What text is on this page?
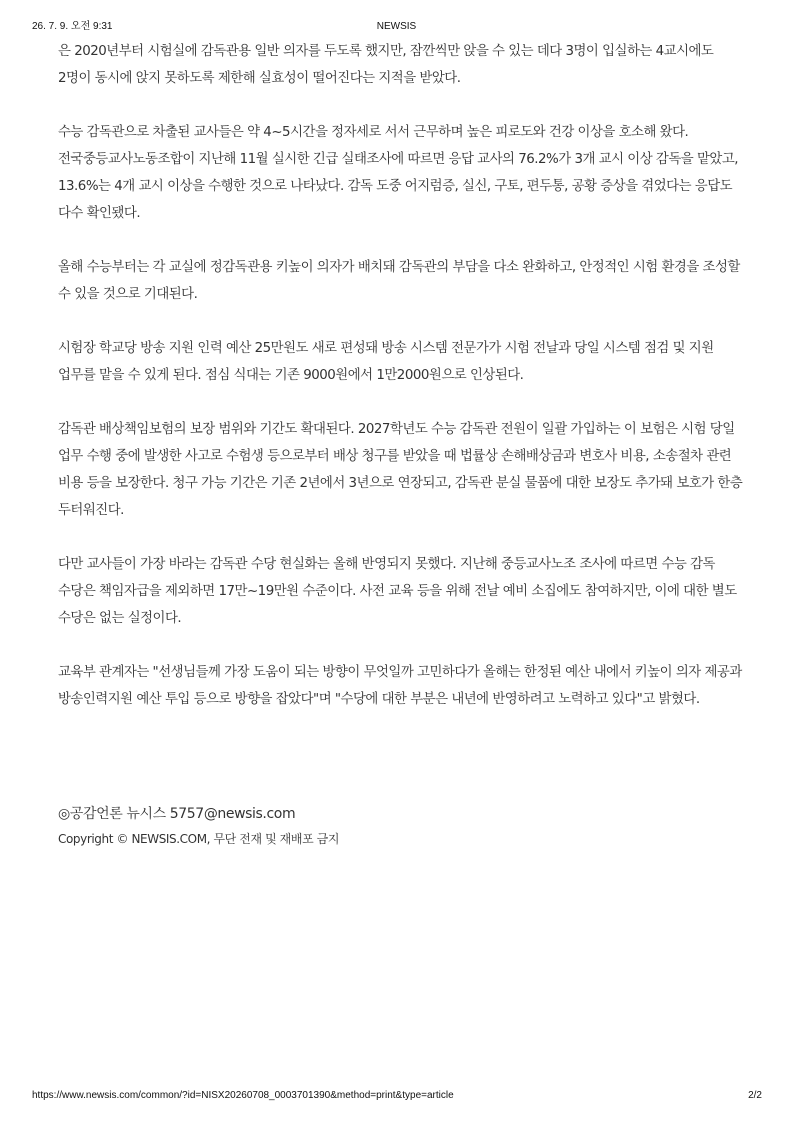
26. 7. 9. 오전 9:31	NEWSIS

은 2020년부터 시험실에 감독관용 일반 의자를 두도록 했지만, 잠깐씩만 앉을 수 있는 데다 3명이 입실하는 4교시에도 2명이 동시에 앉지 못하도록 제한해 실효성이 떨어진다는 지적을 받았다.

수능 감독관으로 차출된 교사들은 약 4~5시간을 정자세로 서서 근무하며 높은 피로도와 건강 이상을 호소해 왔다. 전국중등교사노동조합이 지난해 11월 실시한 긴급 실태조사에 따르면 응답 교사의 76.2%가 3개 교시 이상 감독을 맡았고, 13.6%는 4개 교시 이상을 수행한 것으로 나타났다. 감독 도중 어지럼증, 실신, 구토, 편두통, 공황 증상을 겪었다는 응답도 다수 확인됐다.

올해 수능부터는 각 교실에 정감독관용 키높이 의자가 배치돼 감독관의 부담을 다소 완화하고, 안정적인 시험 환경을 조성할 수 있을 것으로 기대된다.

시험장 학교당 방송 지원 인력 예산 25만원도 새로 편성돼 방송 시스템 전문가가 시험 전날과 당일 시스템 점검 및 지원 업무를 맡을 수 있게 된다. 점심 식대는 기존 9000원에서 1만2000원으로 인상된다.

감독관 배상책임보험의 보장 범위와 기간도 확대된다. 2027학년도 수능 감독관 전원이 일괄 가입하는 이 보험은 시험 당일 업무 수행 중에 발생한 사고로 수험생 등으로부터 배상 청구를 받았을 때 법률상 손해배상금과 변호사 비용, 소송절차 관련 비용 등을 보장한다. 청구 가능 기간은 기존 2년에서 3년으로 연장되고, 감독관 분실 물품에 대한 보장도 추가돼 보호가 한층 두터워진다.

다만 교사들이 가장 바라는 감독관 수당 현실화는 올해 반영되지 못했다. 지난해 중등교사노조 조사에 따르면 수능 감독 수당은 책임자급을 제외하면 17만~19만원 수준이다. 사전 교육 등을 위해 전날 예비 소집에도 참여하지만, 이에 대한 별도 수당은 없는 실정이다.

교육부 관계자는 "선생님들께 가장 도움이 되는 방향이 무엇일까 고민하다가 올해는 한정된 예산 내에서 키높이 의자 제공과 방송인력지원 예산 투입 등으로 방향을 잡았다"며 "수당에 대한 부분은 내년에 반영하려고 노력하고 있다"고 밝혔다.

◎공감언론 뉴시스 5757@newsis.com
Copyright © NEWSIS.COM, 무단 전재 및 재배포 금지
https://www.newsis.com/common/?id=NISX20260708_0003701390&method=print&type=article	2/2
